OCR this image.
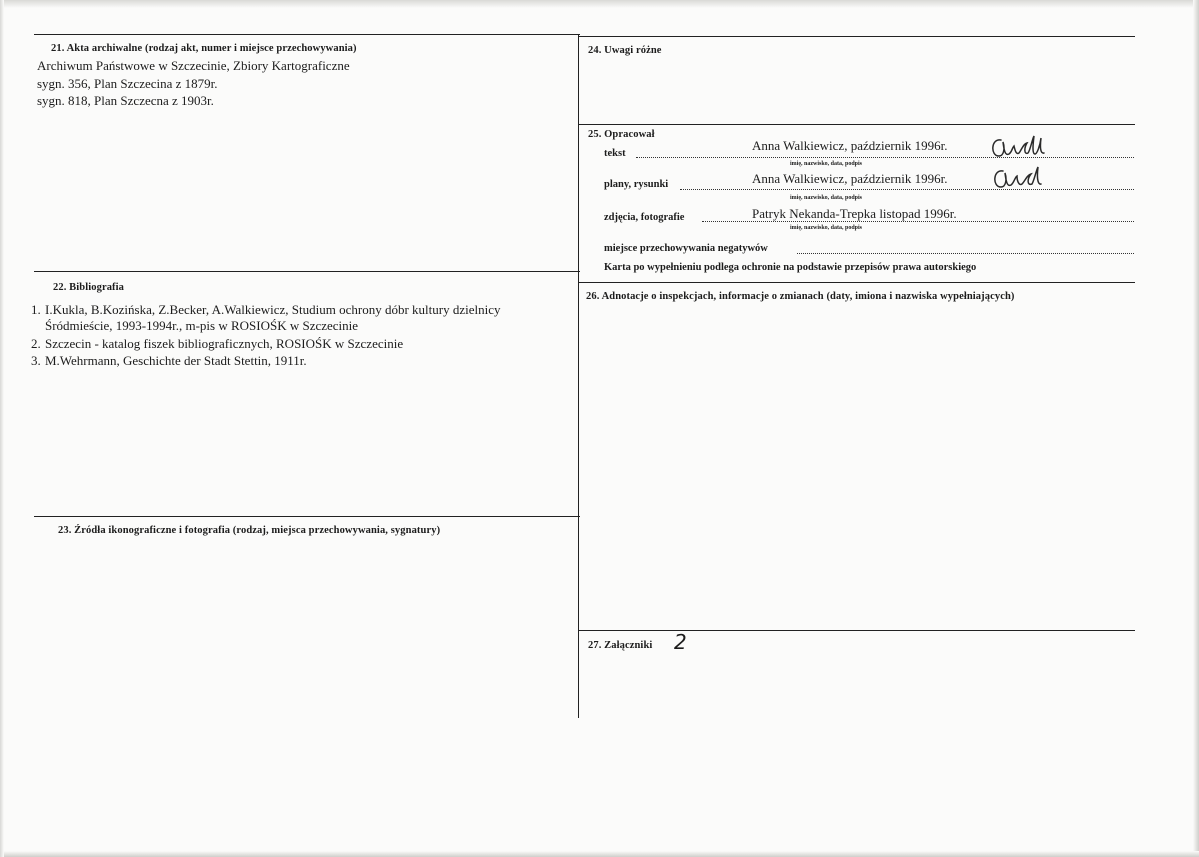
21. Akta archiwalne (rodzaj akt, numer i miejsce przechowywania)
Archiwum Państwowe w Szczecinie, Zbiory Kartograficzne
sygn. 356, Plan Szczecina z 1879r.
sygn. 818, Plan Szczecna z 1903r.
22. Bibliografia
1. I.Kukla, B.Kozińska, Z.Becker, A.Walkiewicz, Studium ochrony dóbr kultury dzielnicy
Śródmieście, 1993-1994r., m-pis w ROSIOŚK w Szczecinie
2. Szczecin - katalog fiszek bibliograficznych, ROSIOŚK w Szczecinie
3. M.Wehrmann, Geschichte der Stadt Stettin, 1911r.
23. Źródła ikonograficzne i fotografia (rodzaj, miejsca przechowywania, sygnatury)
24. Uwagi różne
25. Opracował
tekst
Anna Walkiewicz, październik 1996r.
imię, nazwisko, data, podpis
plany, rysunki	Anna Walkiewicz, październik 1996r.
imię, nazwisko, data, podpis
zdjęcia, fotografie	Patryk Nekanda-Trepka listopad 1996r.
imię, nazwisko, data, podpis
miejsce przechowywania negatywów
Karta po wypełnieniu podlega ochronie na podstawie przepisów prawa autorskiego
26. Adnotacje o inspekcjach, informacje o zmianach (daty, imiona i nazwiska wypełniających)
27. Załączniki 2
